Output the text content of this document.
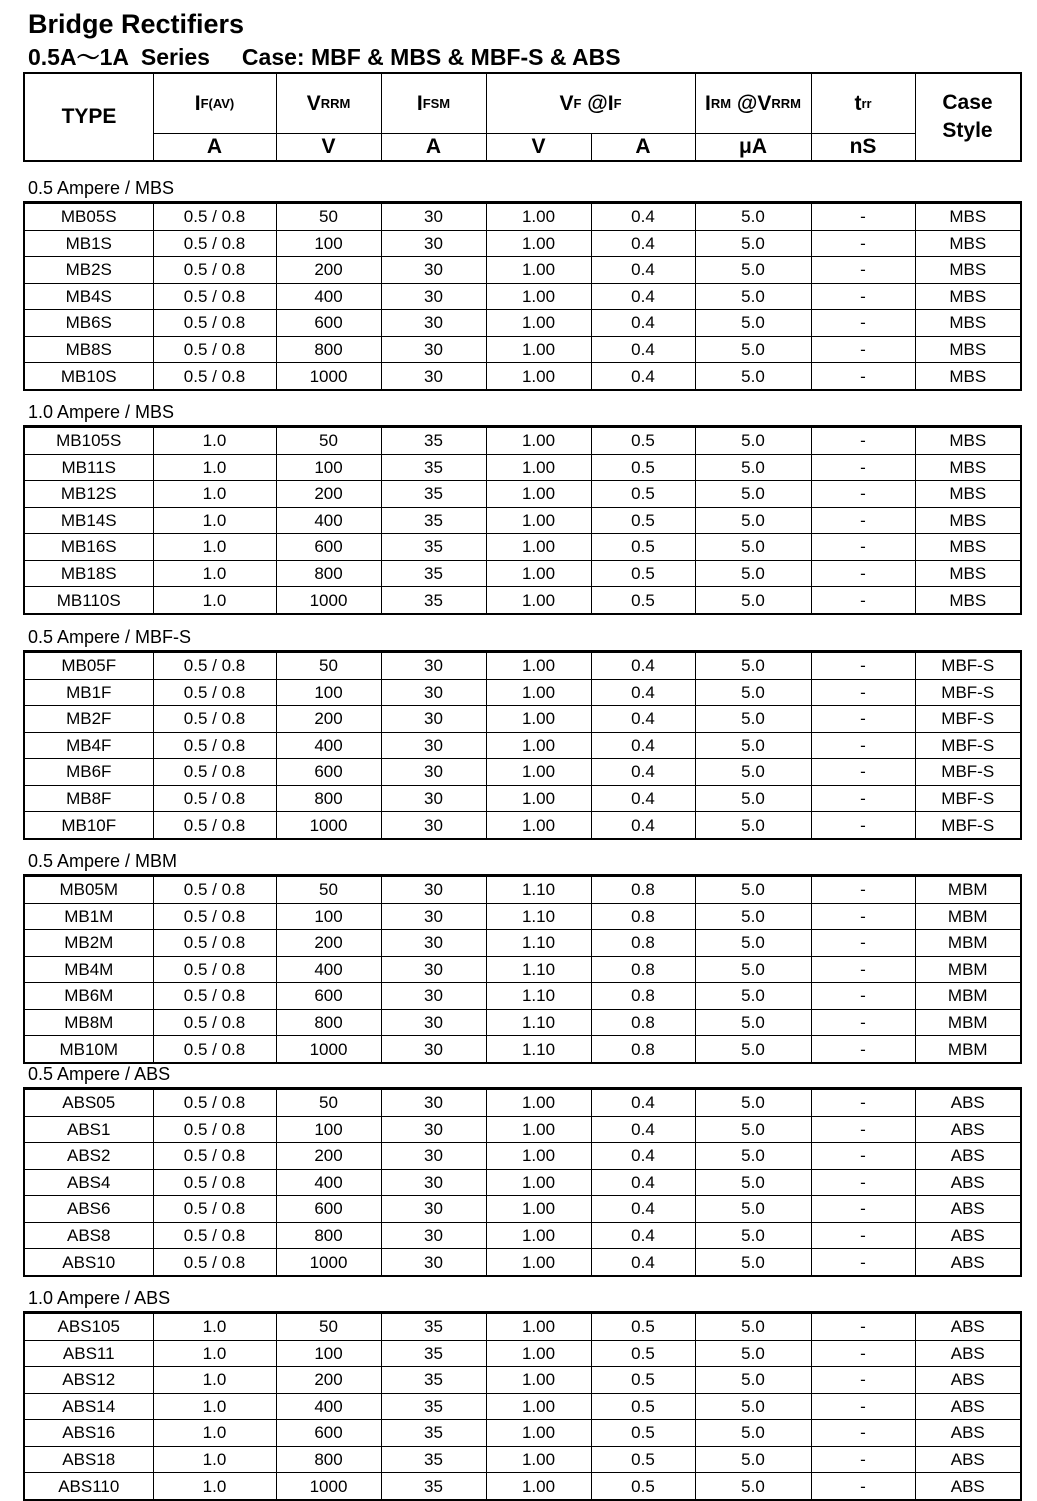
Bridge Rectifiers
0.5A～1A  Series     Case: MBF & MBS & MBF-S & ABS
TYPE
I F(AV)	V RRM	I FSM	V F @I F	I RM @V RRM	t rr	Case Style
A	V	A	V	A	μA	nS
0.5 Ampere / MBS
MB05S	0.5 / 0.8	50	30	1.00	0.4	5.0	-	MBS
MB1S	0.5 / 0.8	100	30	1.00	0.4	5.0	-	MBS
MB2S	0.5 / 0.8	200	30	1.00	0.4	5.0	-	MBS
MB4S	0.5 / 0.8	400	30	1.00	0.4	5.0	-	MBS
MB6S	0.5 / 0.8	600	30	1.00	0.4	5.0	-	MBS
MB8S	0.5 / 0.8	800	30	1.00	0.4	5.0	-	MBS
MB10S	0.5 / 0.8	1000	30	1.00	0.4	5.0	-	MBS
1.0 Ampere / MBS
MB105S	1.0	50	35	1.00	0.5	5.0	-	MBS
MB11S	1.0	100	35	1.00	0.5	5.0	-	MBS
MB12S	1.0	200	35	1.00	0.5	5.0	-	MBS
MB14S	1.0	400	35	1.00	0.5	5.0	-	MBS
MB16S	1.0	600	35	1.00	0.5	5.0	-	MBS
MB18S	1.0	800	35	1.00	0.5	5.0	-	MBS
MB110S	1.0	1000	35	1.00	0.5	5.0	-	MBS
0.5 Ampere / MBF-S
MB05F	0.5 / 0.8	50	30	1.00	0.4	5.0	-	MBF-S
MB1F	0.5 / 0.8	100	30	1.00	0.4	5.0	-	MBF-S
MB2F	0.5 / 0.8	200	30	1.00	0.4	5.0	-	MBF-S
MB4F	0.5 / 0.8	400	30	1.00	0.4	5.0	-	MBF-S
MB6F	0.5 / 0.8	600	30	1.00	0.4	5.0	-	MBF-S
MB8F	0.5 / 0.8	800	30	1.00	0.4	5.0	-	MBF-S
MB10F	0.5 / 0.8	1000	30	1.00	0.4	5.0	-	MBF-S
0.5 Ampere / MBM
MB05M	0.5 / 0.8	50	30	1.10	0.8	5.0	-	MBM
MB1M	0.5 / 0.8	100	30	1.10	0.8	5.0	-	MBM
MB2M	0.5 / 0.8	200	30	1.10	0.8	5.0	-	MBM
MB4M	0.5 / 0.8	400	30	1.10	0.8	5.0	-	MBM
MB6M	0.5 / 0.8	600	30	1.10	0.8	5.0	-	MBM
MB8M	0.5 / 0.8	800	30	1.10	0.8	5.0	-	MBM
MB10M	0.5 / 0.8	1000	30	1.10	0.8	5.0	-	MBM
0.5 Ampere / ABS
ABS05	0.5 / 0.8	50	30	1.00	0.4	5.0	-	ABS
ABS1	0.5 / 0.8	100	30	1.00	0.4	5.0	-	ABS
ABS2	0.5 / 0.8	200	30	1.00	0.4	5.0	-	ABS
ABS4	0.5 / 0.8	400	30	1.00	0.4	5.0	-	ABS
ABS6	0.5 / 0.8	600	30	1.00	0.4	5.0	-	ABS
ABS8	0.5 / 0.8	800	30	1.00	0.4	5.0	-	ABS
ABS10	0.5 / 0.8	1000	30	1.00	0.4	5.0	-	ABS
1.0 Ampere / ABS
ABS105	1.0	50	35	1.00	0.5	5.0	-	ABS
ABS11	1.0	100	35	1.00	0.5	5.0	-	ABS
ABS12	1.0	200	35	1.00	0.5	5.0	-	ABS
ABS14	1.0	400	35	1.00	0.5	5.0	-	ABS
ABS16	1.0	600	35	1.00	0.5	5.0	-	ABS
ABS18	1.0	800	35	1.00	0.5	5.0	-	ABS
ABS110	1.0	1000	35	1.00	0.5	5.0	-	ABS
